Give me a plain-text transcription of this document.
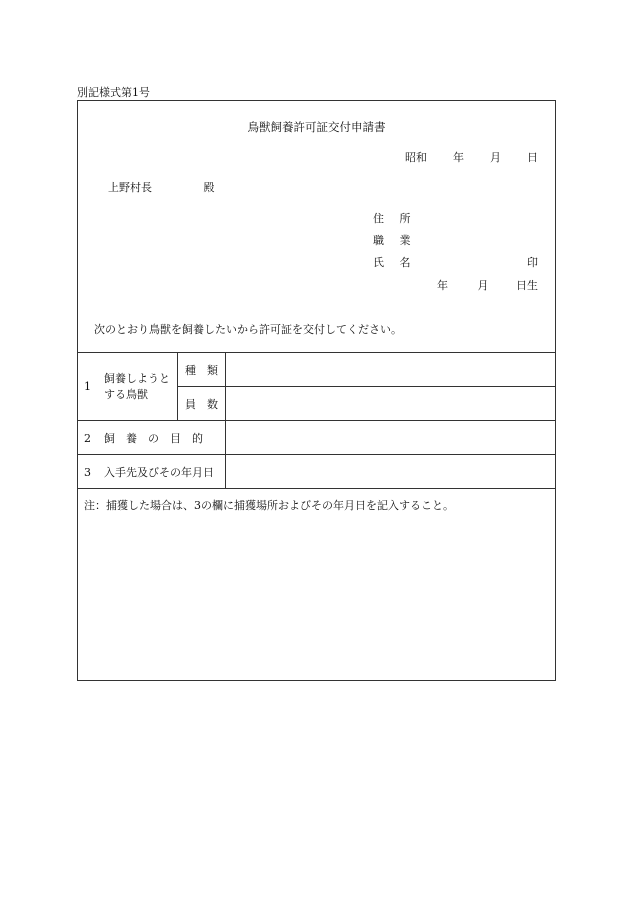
別記様式第1号
鳥獣飼養許可証交付申請書
昭和 年 月 日
上野村長	殿
住 所
職 業
氏 名	印
年	月	日生
次のとおり鳥獣を飼養したいから許可証を交付してください。
1
飼養しようと
する鳥獣	種　類	
	員　数	
2 飼　養　の　目　的		
3 入手先及びその年月日		
注：捕獲した場合は、3の欄に捕獲場所およびその年月日を記入すること。
